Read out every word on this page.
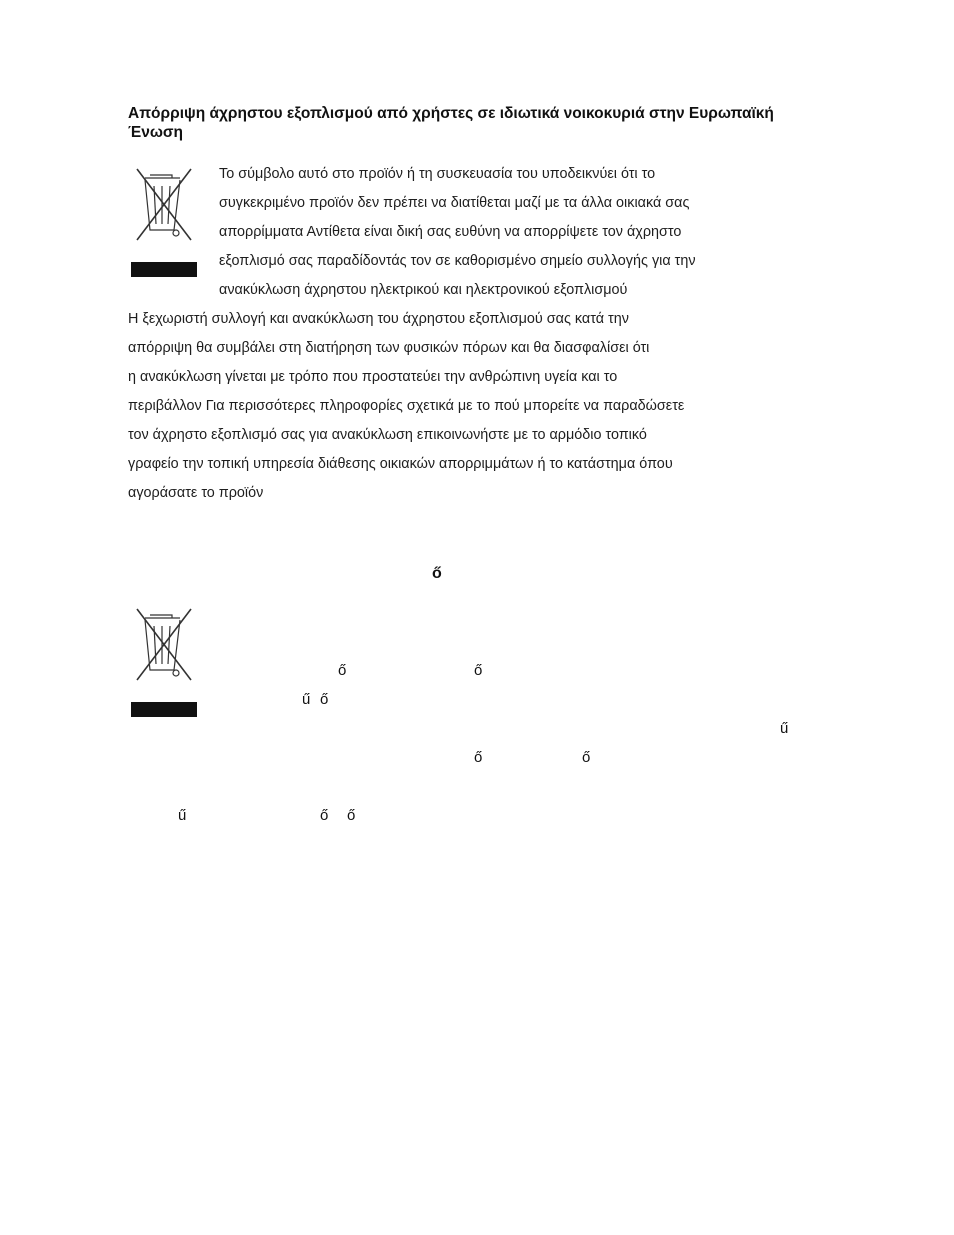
Απόρριψη άχρηστου εξοπλισμού από χρήστες σε ιδιωτικά νοικοκυριά στην Ευρωπαϊκή Ένωση
Το σύμβολο αυτό στο προϊόν ή τη συσκευασία του υποδεικνύει ότι το
συγκεκριμένο προϊόν δεν πρέπει να διατίθεται μαζί με τα άλλα οικιακά σας
απορρίμματα Αντίθετα είναι δική σας ευθύνη να απορρίψετε τον άχρηστο
εξοπλισμό σας παραδίδοντάς τον σε καθορισμένο σημείο συλλογής για την
ανακύκλωση άχρηστου ηλεκτρικού και ηλεκτρονικού εξοπλισμού
Η ξεχωριστή συλλογή και ανακύκλωση του άχρηστου εξοπλισμού σας κατά την
απόρριψη θα συμβάλει στη διατήρηση των φυσικών πόρων και θα διασφαλίσει ότι
η ανακύκλωση γίνεται με τρόπο που προστατεύει την ανθρώπινη υγεία και το
περιβάλλον Για περισσότερες πληροφορίες σχετικά με το πού μπορείτε να παραδώσετε
τον άχρηστο εξοπλισμό σας για ανακύκλωση επικοινωνήστε με το αρμόδιο τοπικό
γραφείο την τοπική υπηρεσία διάθεσης οικιακών απορριμμάτων ή το κατάστημα όπου
αγοράσατε το προϊόν
ő
ő	ő
ű ő
ű
ő	ő
ű	ő ő
